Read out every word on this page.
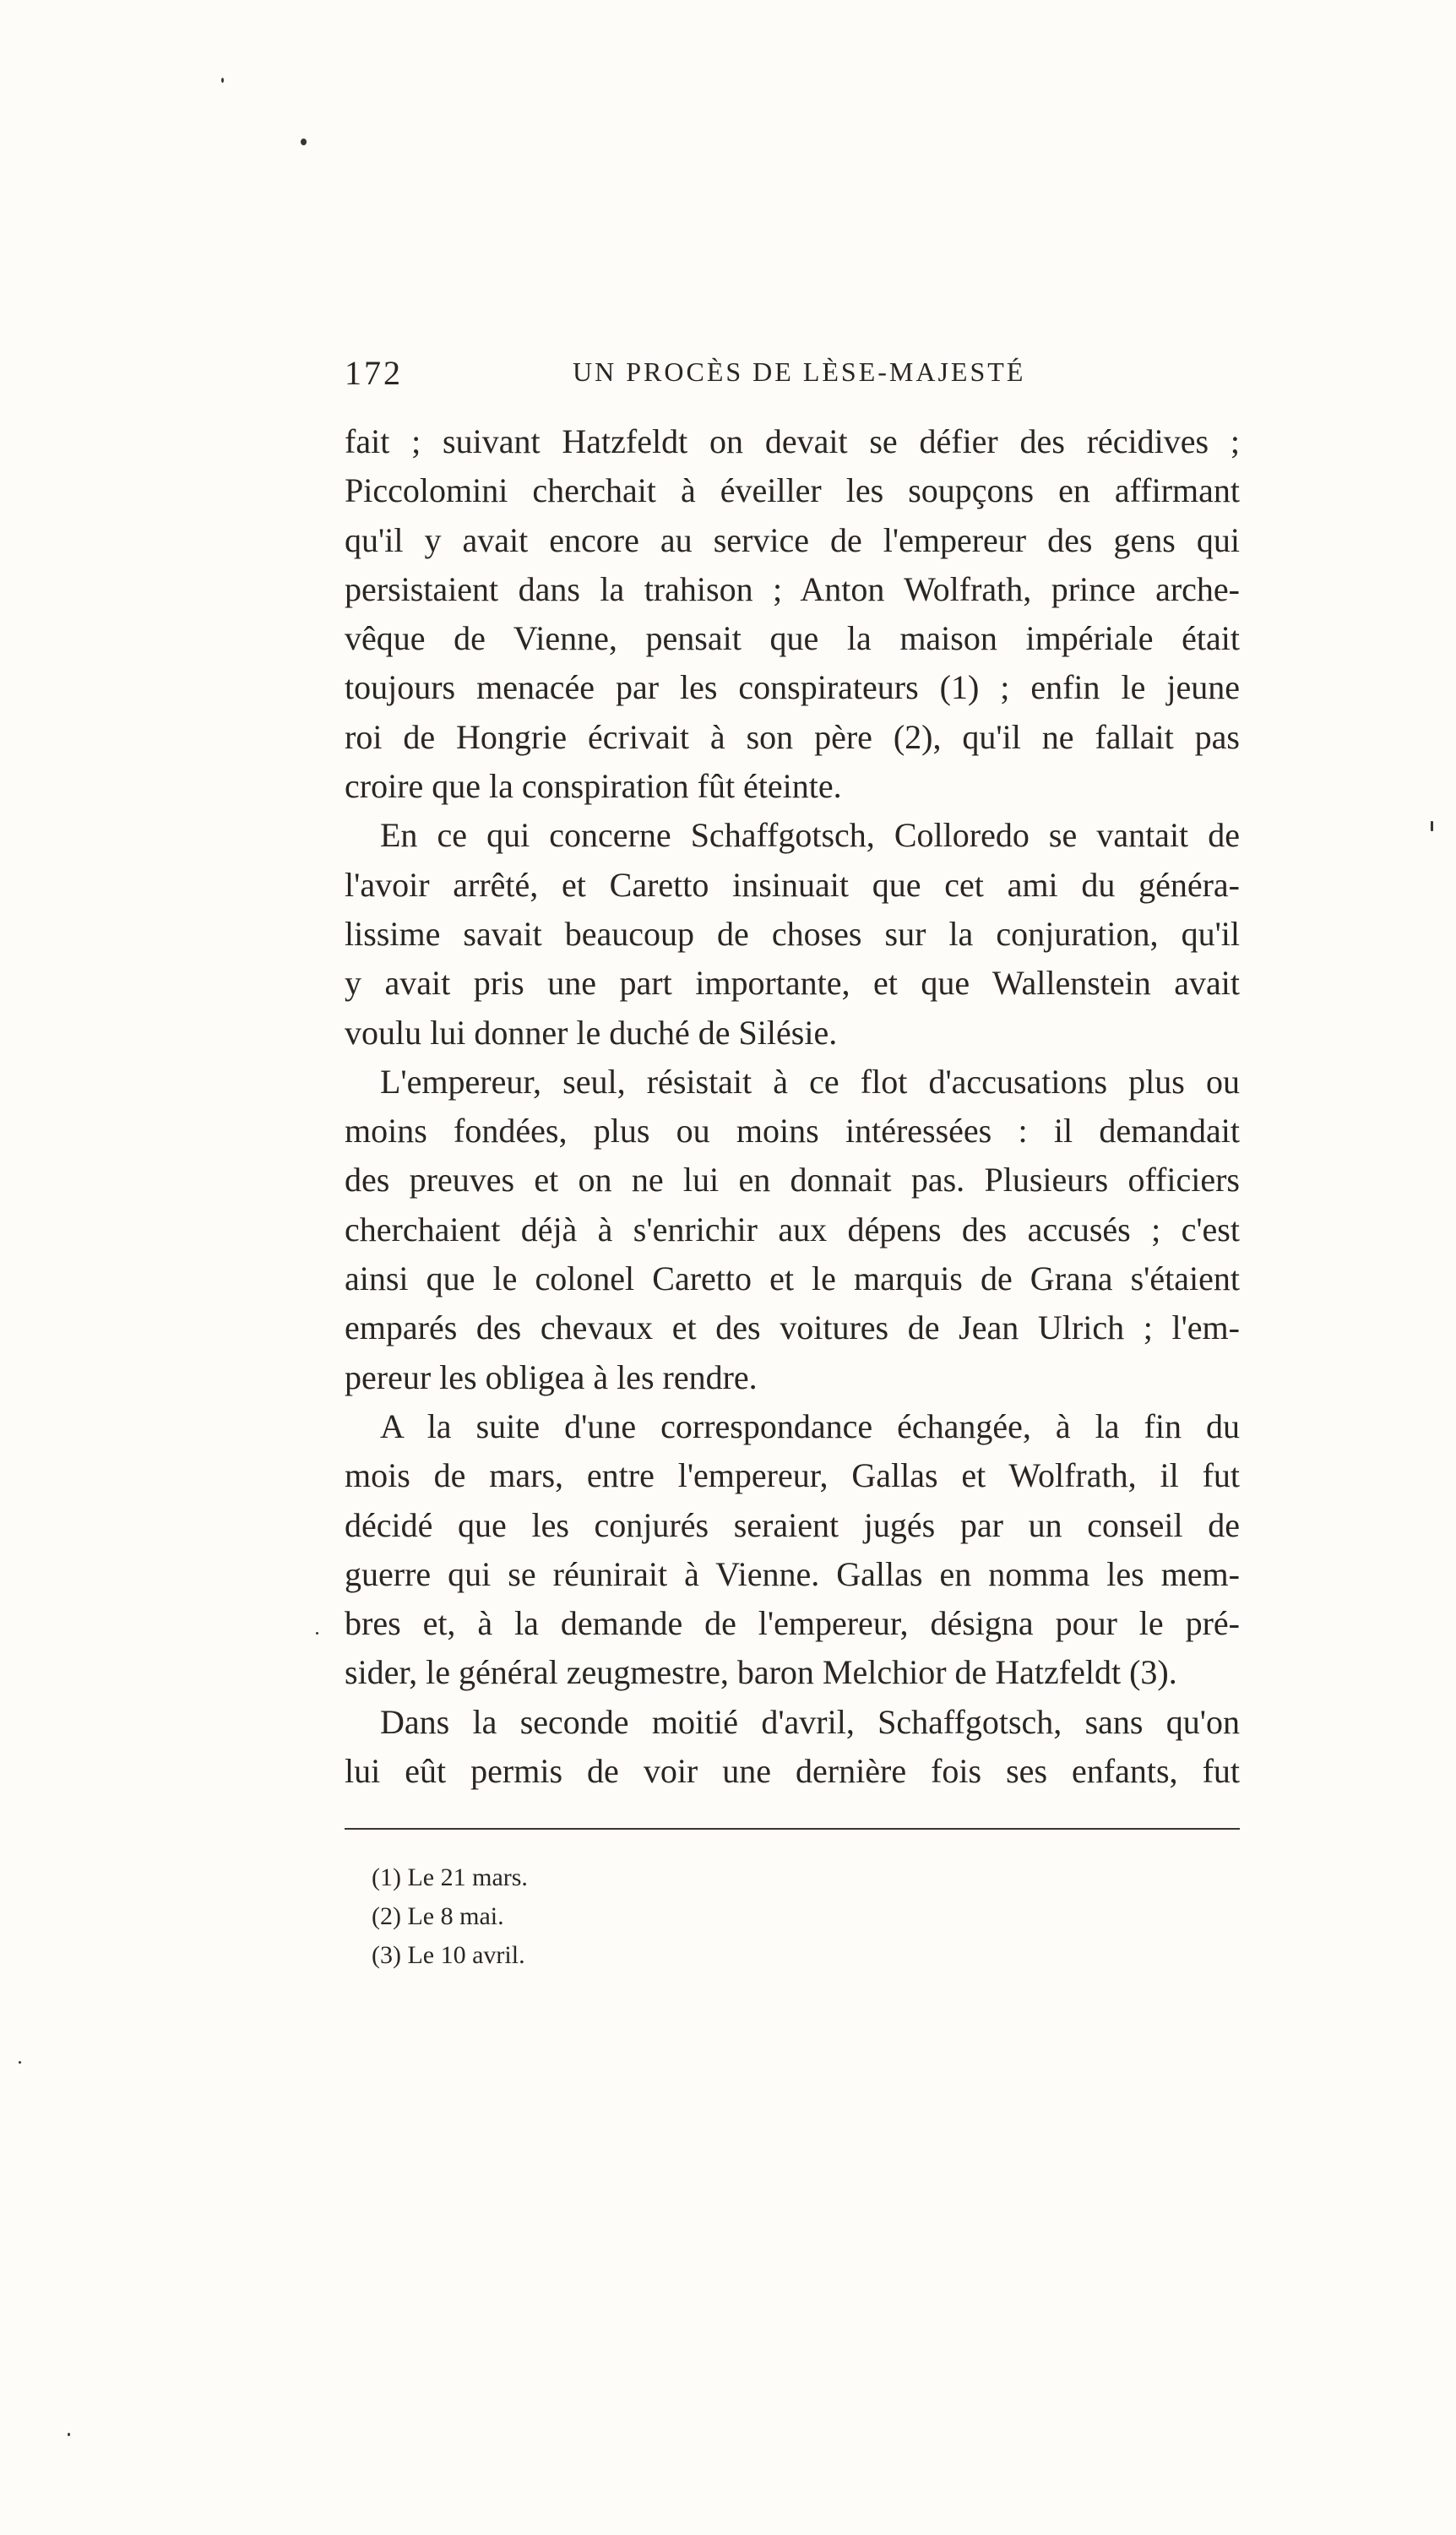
172	UN PROCÈS DE LÈSE-MAJESTÉ
fait ; suivant Hatzfeldt on devait se défier des récidives ;
Piccolomini cherchait à éveiller les soupçons en affirmant
qu'il y avait encore au service de l'empereur des gens qui
persistaient dans la trahison ; Anton Wolfrath, prince arche-
vêque de Vienne, pensait que la maison impériale était
toujours menacée par les conspirateurs (1) ; enfin le jeune
roi de Hongrie écrivait à son père (2), qu'il ne fallait pas
croire que la conspiration fût éteinte.
En ce qui concerne Schaffgotsch, Colloredo se vantait de
l'avoir arrêté, et Caretto insinuait que cet ami du généra-
lissime savait beaucoup de choses sur la conjuration, qu'il
y avait pris une part importante, et que Wallenstein avait
voulu lui donner le duché de Silésie.
L'empereur, seul, résistait à ce flot d'accusations plus ou
moins fondées, plus ou moins intéressées : il demandait
des preuves et on ne lui en donnait pas. Plusieurs officiers
cherchaient déjà à s'enrichir aux dépens des accusés ; c'est
ainsi que le colonel Caretto et le marquis de Grana s'étaient
emparés des chevaux et des voitures de Jean Ulrich ; l'em-
pereur les obligea à les rendre.
A la suite d'une correspondance échangée, à la fin du
mois de mars, entre l'empereur, Gallas et Wolfrath, il fut
décidé que les conjurés seraient jugés par un conseil de
guerre qui se réunirait à Vienne. Gallas en nomma les mem-
bres et, à la demande de l'empereur, désigna pour le pré-
sider, le général zeugmestre, baron Melchior de Hatzfeldt (3).
Dans la seconde moitié d'avril, Schaffgotsch, sans qu'on
lui eût permis de voir une dernière fois ses enfants, fut
(1) Le 21 mars.
(2) Le 8 mai.
(3) Le 10 avril.
